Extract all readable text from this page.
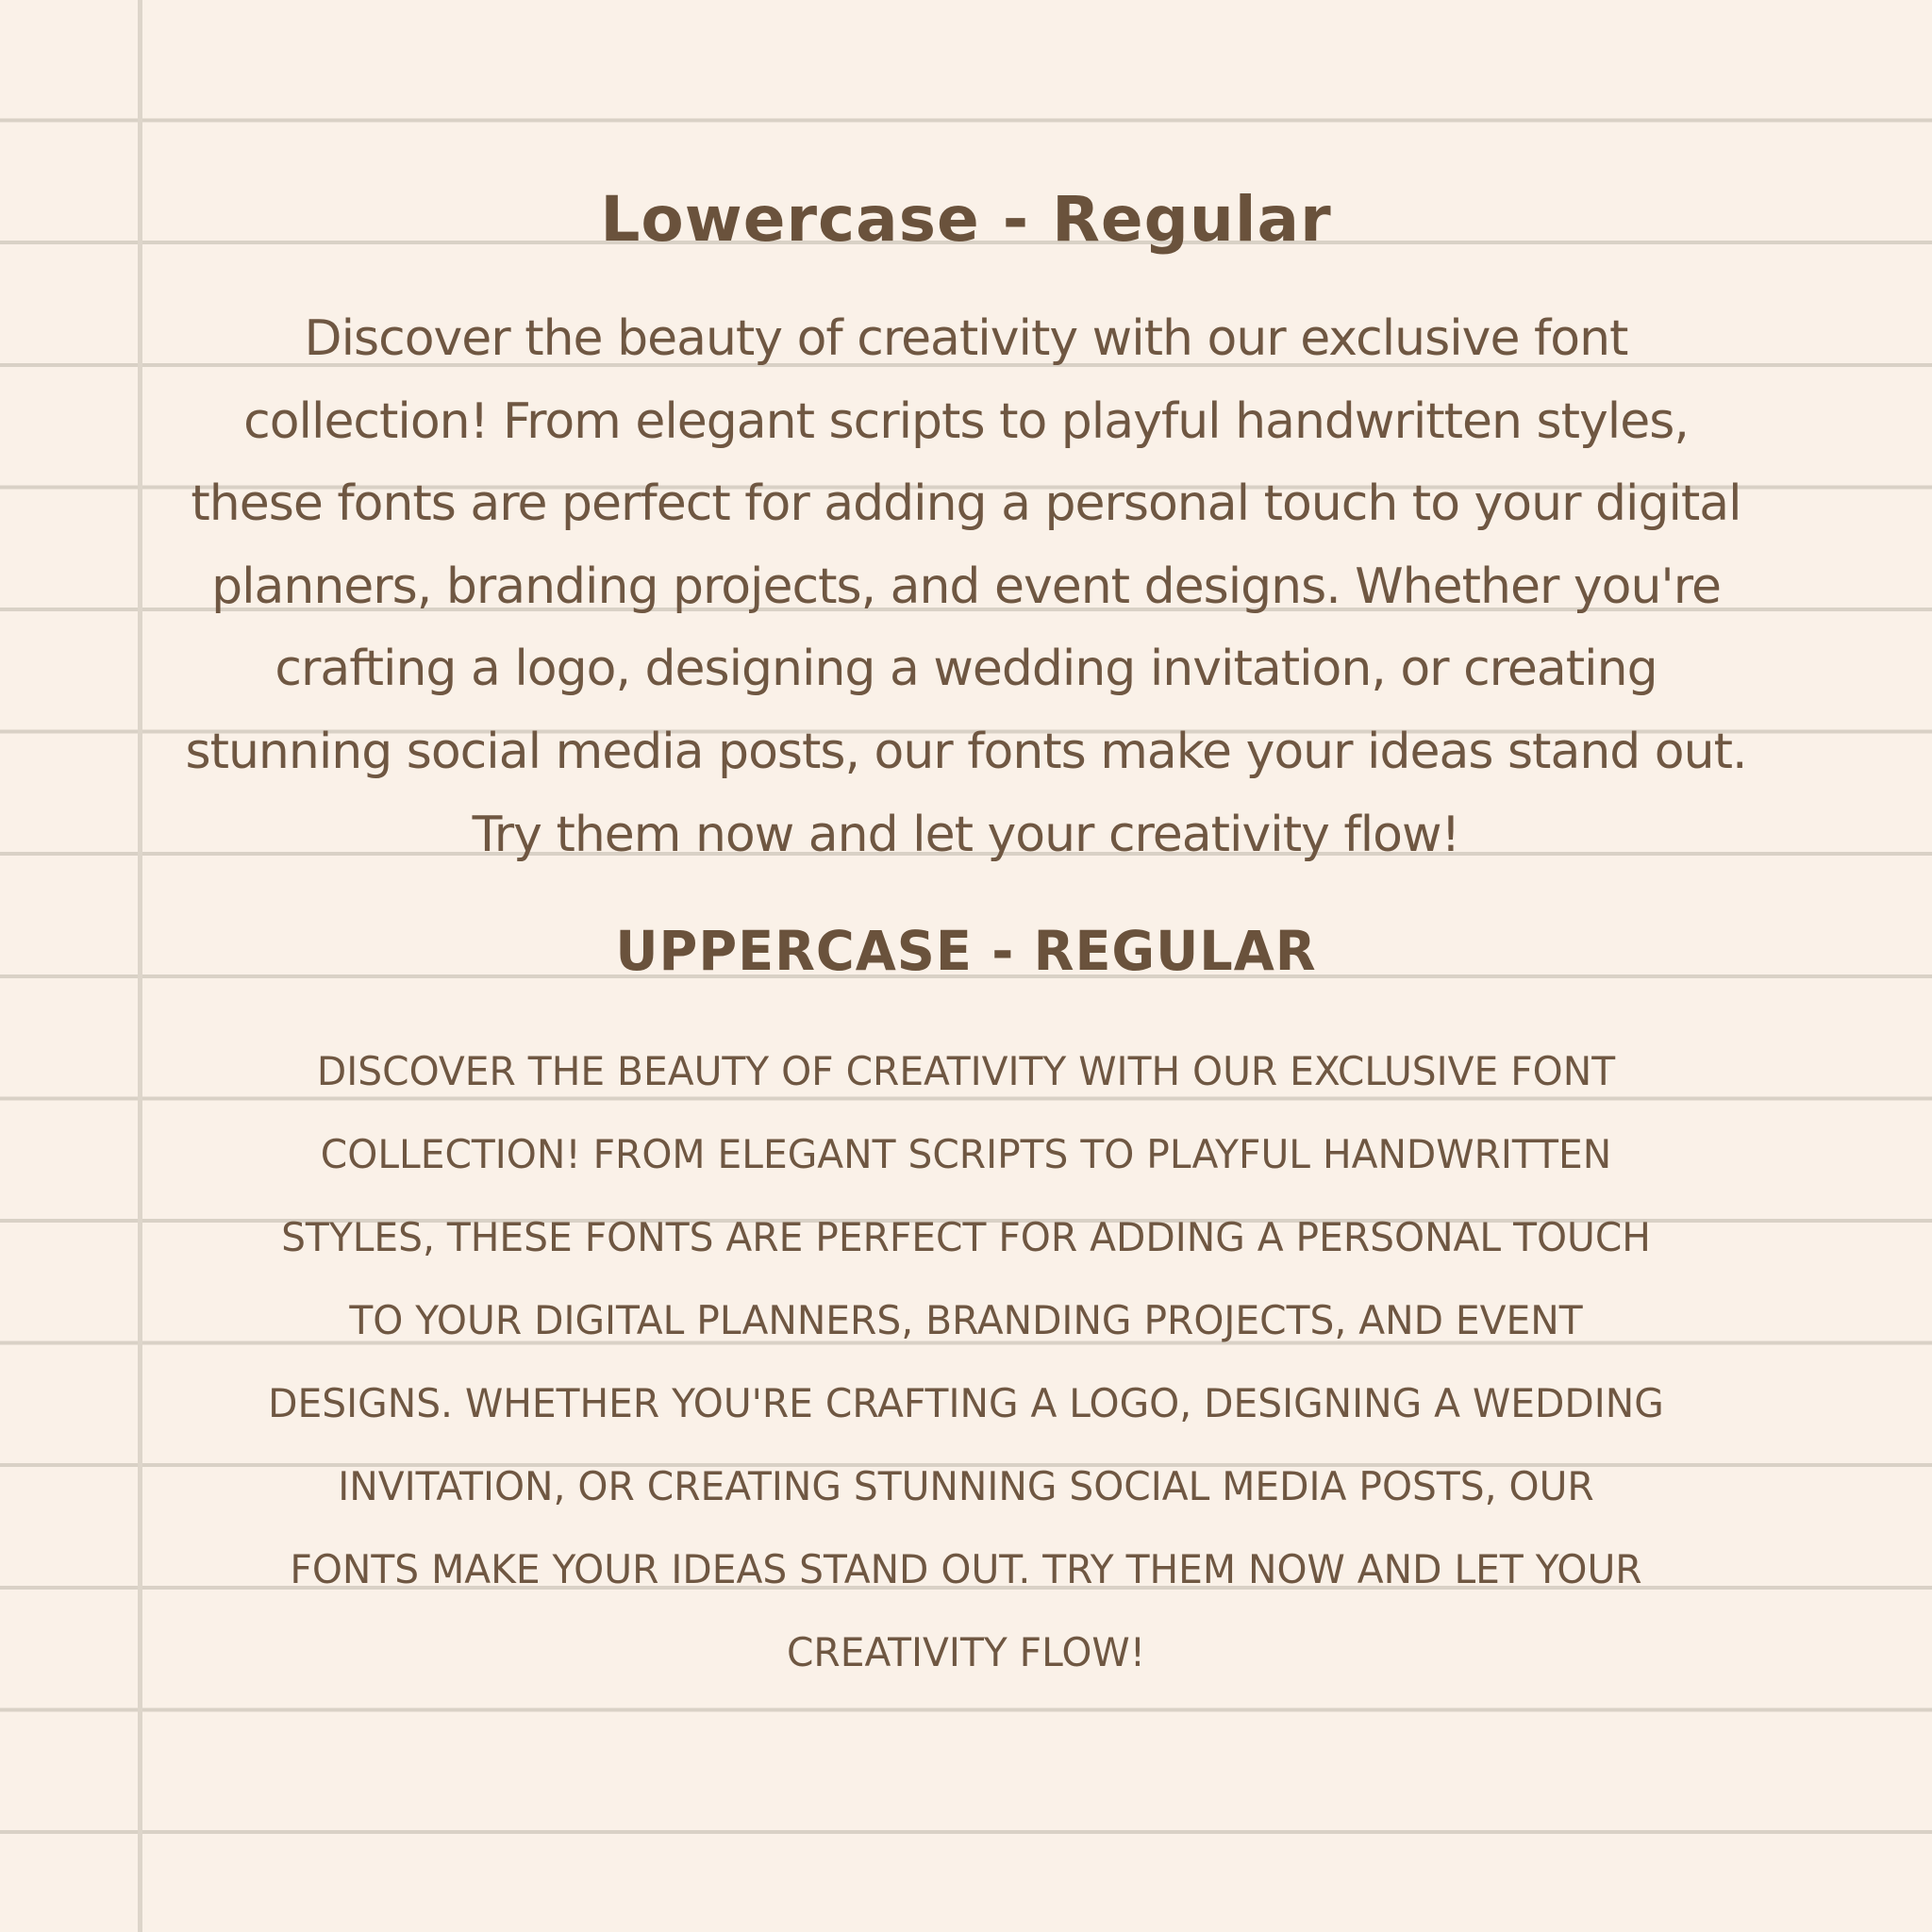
Lowercase - Regular
Discover the beauty of creativity with our exclusive font
collection! From elegant scripts to playful handwritten styles,
these fonts are perfect for adding a personal touch to your digital
planners, branding projects, and event designs. Whether you're
crafting a logo, designing a wedding invitation, or creating
stunning social media posts, our fonts make your ideas stand out.
Try them now and let your creativity flow!
UPPERCASE - REGULAR
DISCOVER THE BEAUTY OF CREATIVITY WITH OUR EXCLUSIVE FONT
COLLECTION! FROM ELEGANT SCRIPTS TO PLAYFUL HANDWRITTEN
STYLES, THESE FONTS ARE PERFECT FOR ADDING A PERSONAL TOUCH
TO YOUR DIGITAL PLANNERS, BRANDING PROJECTS, AND EVENT
DESIGNS. WHETHER YOU'RE CRAFTING A LOGO, DESIGNING A WEDDING
INVITATION, OR CREATING STUNNING SOCIAL MEDIA POSTS, OUR
FONTS MAKE YOUR IDEAS STAND OUT. TRY THEM NOW AND LET YOUR
CREATIVITY FLOW!
